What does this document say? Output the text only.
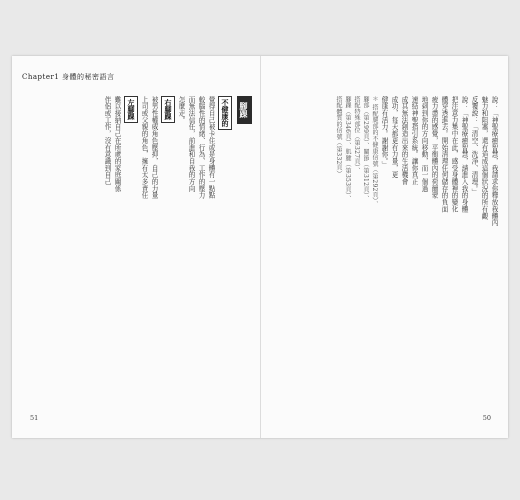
Chapter1 身體的秘密語言
腳踝
不健康的
覺得自己被卡住或是身體有一點點
較腦性的情緒、行為、工作的壓力
而無法信任，前進和自我的方向
怎麼走。
右腳踝
被男性權威角色壓抑，自己的力量
上司或父親的角色，擁有太多責任
左腳踝
難以接納自己在所處的家庭關係
伴侶或工作，沒有意識到自己
51
說：「神聖療癒智慧，我請求你釋放我體內
魅力和阻塞，還有造成這個狀況的所有觀
反覆說：「清空、洗淨、清理。」
說：「神聖療癒智慧，請進入我的身體
把注意力集中在此，感受身體裡的變化
體穿透進去。開始清理任何儲存的負面
疲力盡的感覺，平衡體內的荷爾蒙
地刺到你的方向移動，而一個過
速結神聖指引系統。讓你真正
成其無法創造出來的生活機會
成功，每天都更有力量，更
健康有活力。謝謝你。」
＊ 搭配腿部的不健康信號（第292頁）、
腳部（第299頁）、關節（第312頁）、
搭配特殊部位（第327頁）、
腳踝（第346頁）、肌腱（第353頁）、
搭配體質的信號（第332頁）
50
